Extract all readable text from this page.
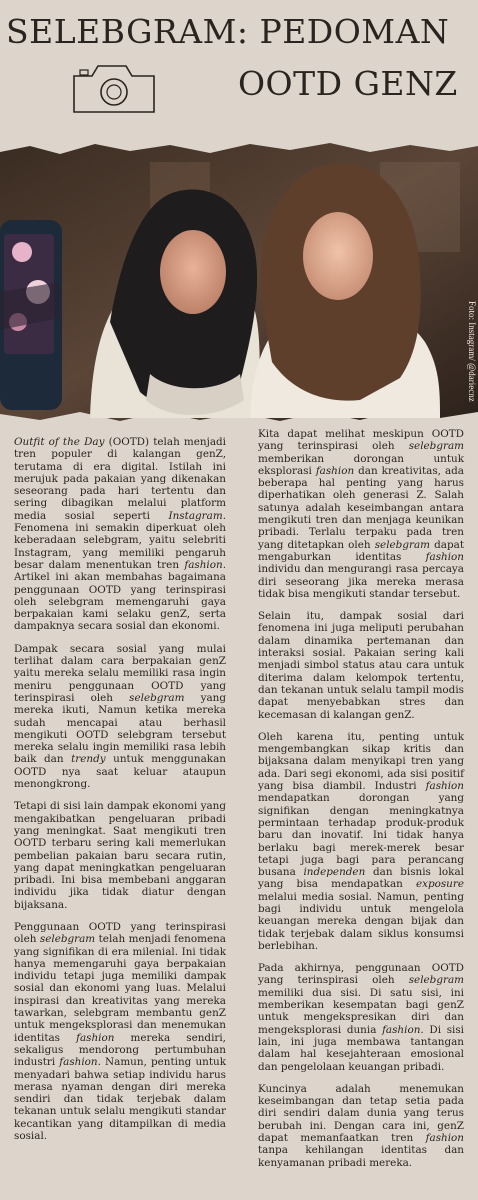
SELEBGRAM: PEDOMAN
OOTD GENZ
Foto: Instagram/ @dariecnz

Outfit of the Day (OOTD) telah menjadi tren populer di kalangan genZ, terutama di era digital. Istilah ini merujuk pada pakaian yang dikenakan seseorang pada hari tertentu dan sering dibagikan melalui platform media sosial seperti Instagram. Fenomena ini semakin diperkuat oleh keberadaan selebgram, yaitu selebriti Instagram, yang memiliki pengaruh besar dalam menentukan tren fashion. Artikel ini akan membahas bagaimana penggunaan OOTD yang terinspirasi oleh selebgram memengaruhi gaya berpakaian kami selaku genZ, serta dampaknya secara sosial dan ekonomi.

Dampak secara sosial yang mulai terlihat dalam cara berpakaian genZ yaitu mereka selalu memiliki rasa ingin meniru penggunaan OOTD yang terinspirasi oleh selebgram yang mereka ikuti, Namun ketika mereka sudah mencapai atau berhasil mengikuti OOTD selebgram tersebut mereka selalu ingin memiliki rasa lebih baik dan trendy untuk menggunakan OOTD nya saat keluar ataupun menongkrong.

Tetapi di sisi lain dampak ekonomi yang mengakibatkan pengeluaran pribadi yang meningkat. Saat mengikuti tren OOTD terbaru sering kali memerlukan pembelian pakaian baru secara rutin, yang dapat meningkatkan pengeluaran pribadi. Ini bisa membebani anggaran individu jika tidak diatur dengan bijaksana.

Penggunaan OOTD yang terinspirasi oleh selebgram telah menjadi fenomena yang signifikan di era milenial. Ini tidak hanya memengaruhi gaya berpakaian individu tetapi juga memiliki dampak sosial dan ekonomi yang luas. Melalui inspirasi dan kreativitas yang mereka tawarkan, selebgram membantu genZ untuk mengeksplorasi dan menemukan identitas fashion mereka sendiri, sekaligus mendorong pertumbuhan industri fashion. Namun, penting untuk menyadari bahwa setiap individu harus merasa nyaman dengan diri mereka sendiri dan tidak terjebak dalam tekanan untuk selalu mengikuti standar kecantikan yang ditampilkan di media sosial.

Kita dapat melihat meskipun OOTD yang terinspirasi oleh selebgram memberikan dorongan untuk eksplorasi fashion dan kreativitas, ada beberapa hal penting yang harus diperhatikan oleh generasi Z. Salah satunya adalah keseimbangan antara mengikuti tren dan menjaga keunikan pribadi. Terlalu terpaku pada tren yang ditetapkan oleh selebgram dapat mengaburkan identitas fashion individu dan mengurangi rasa percaya diri seseorang jika mereka merasa tidak bisa mengikuti standar tersebut.

Selain itu, dampak sosial dari fenomena ini juga meliputi perubahan dalam dinamika pertemanan dan interaksi sosial. Pakaian sering kali menjadi simbol status atau cara untuk diterima dalam kelompok tertentu, dan tekanan untuk selalu tampil modis dapat menyebabkan stres dan kecemasan di kalangan genZ.

Oleh karena itu, penting untuk mengembangkan sikap kritis dan bijaksana dalam menyikapi tren yang ada. Dari segi ekonomi, ada sisi positif yang bisa diambil. Industri fashion mendapatkan dorongan yang signifikan dengan meningkatnya permintaan terhadap produk-produk baru dan inovatif. Ini tidak hanya berlaku bagi merek-merek besar tetapi juga bagi para perancang busana independen dan bisnis lokal yang bisa mendapatkan exposure melalui media sosial. Namun, penting bagi individu untuk mengelola keuangan mereka dengan bijak dan tidak terjebak dalam siklus konsumsi berlebihan.

Pada akhirnya, penggunaan OOTD yang terinspirasi oleh selebgram memiliki dua sisi. Di satu sisi, ini memberikan kesempatan bagi genZ untuk mengekspresikan diri dan mengeksplorasi dunia fashion. Di sisi lain, ini juga membawa tantangan dalam hal kesejahteraan emosional dan pengelolaan keuangan pribadi.

Kuncinya adalah menemukan keseimbangan dan tetap setia pada diri sendiri dalam dunia yang terus berubah ini. Dengan cara ini, genZ dapat memanfaatkan tren fashion tanpa kehilangan identitas dan kenyamanan pribadi mereka.
